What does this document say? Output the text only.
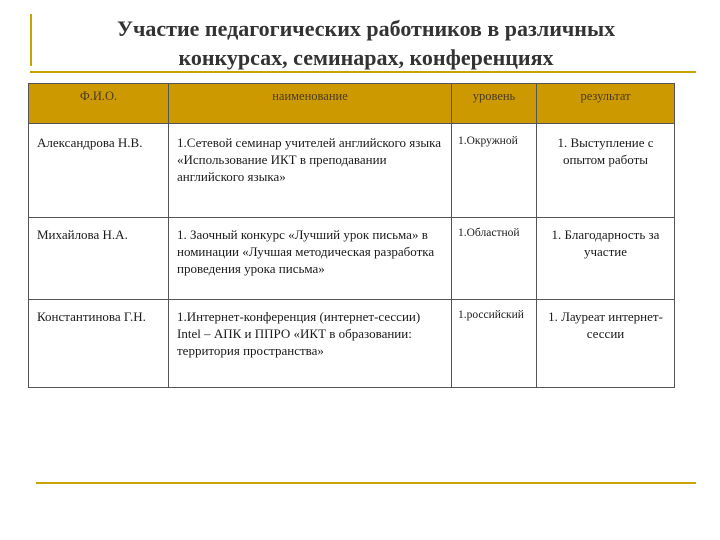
Участие педагогических работников в различных
конкурсах, семинарах, конференциях
Ф.И.О.	наименование	уровень	результат
Александрова Н.В.	1.Сетевой семинар учителей английского языка «Использование ИКТ в преподавании английского языка»	1.Окружной	1. Выступление с опытом работы
Михайлова Н.А.	1. Заочный конкурс «Лучший урок письма» в номинации «Лучшая методическая разработка проведения урока письма»	1.Областной	1. Благодарность за участие
Константинова Г.Н.	1.Интернет-конференция (интернет-сессии) Intel – АПК и ППРО «ИКТ в образовании: территория пространства»	1.российский	1. Лауреат интернет-сессии
